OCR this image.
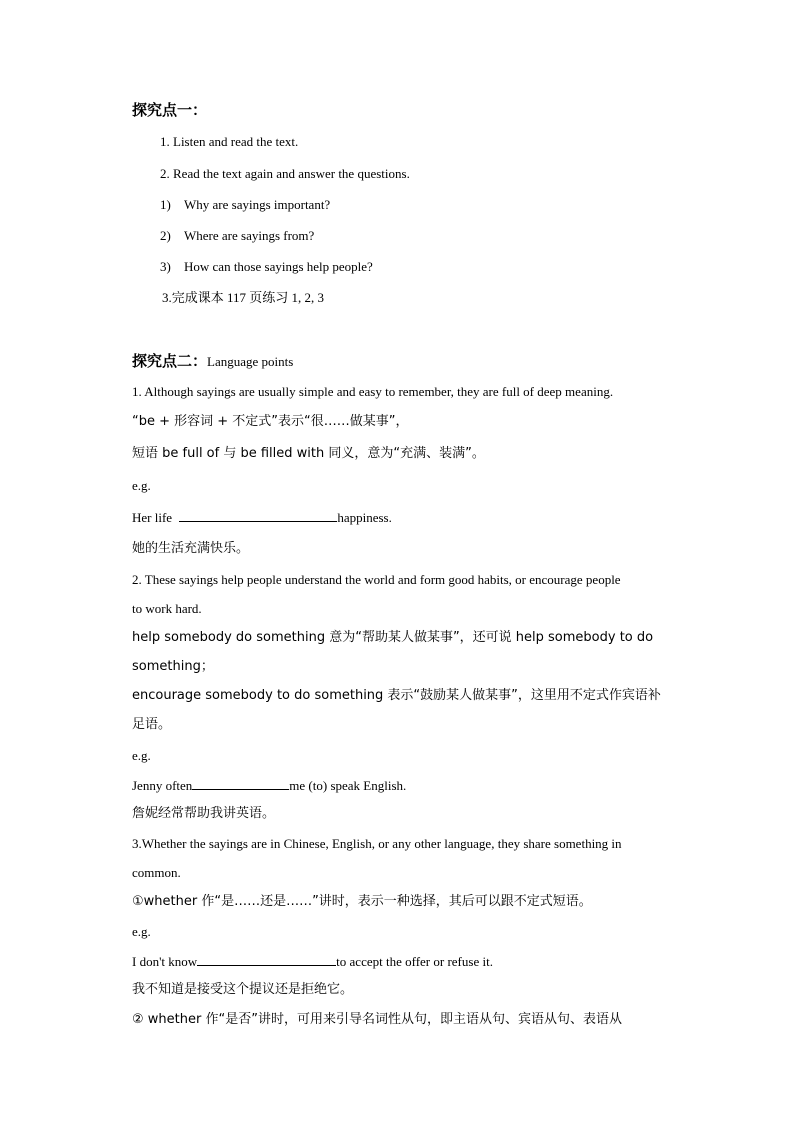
探究点一：
1. Listen and read the text.
2. Read the text again and answer the questions.
1) Why are sayings important?
2) Where are sayings from?
3) How can those sayings help people?
3.完成课本 117 页练习 1, 2, 3
探究点二：Language points
1. Although sayings are usually simple and easy to remember, they are full of deep meaning.
“be + 形容词 + 不定式”表示“很……做某事”，
短语 be full of 与 be filled with 同义，意为“充满、装满”。
e.g.
Her life	happiness.
她的生活充满快乐。
2. These sayings help people understand the world and form good habits, or encourage people
to work hard.
help somebody do something 意为“帮助某人做某事”，还可说 help somebody to do
something；
encourage somebody to do something 表示“鼓励某人做某事”，这里用不定式作宾语补
足语。
e.g.
Jenny often	me (to) speak English.
詹妮经常帮助我讲英语。
3.Whether the sayings are in Chinese, English, or any other language, they share something in
common.
①whether 作“是……还是……”讲时，表示一种选择，其后可以跟不定式短语。
e.g.
I don't know	to accept the offer or refuse it.
我不知道是接受这个提议还是拒绝它。
② whether 作“是否”讲时，可用来引导名词性从句，即主语从句、宾语从句、表语从
